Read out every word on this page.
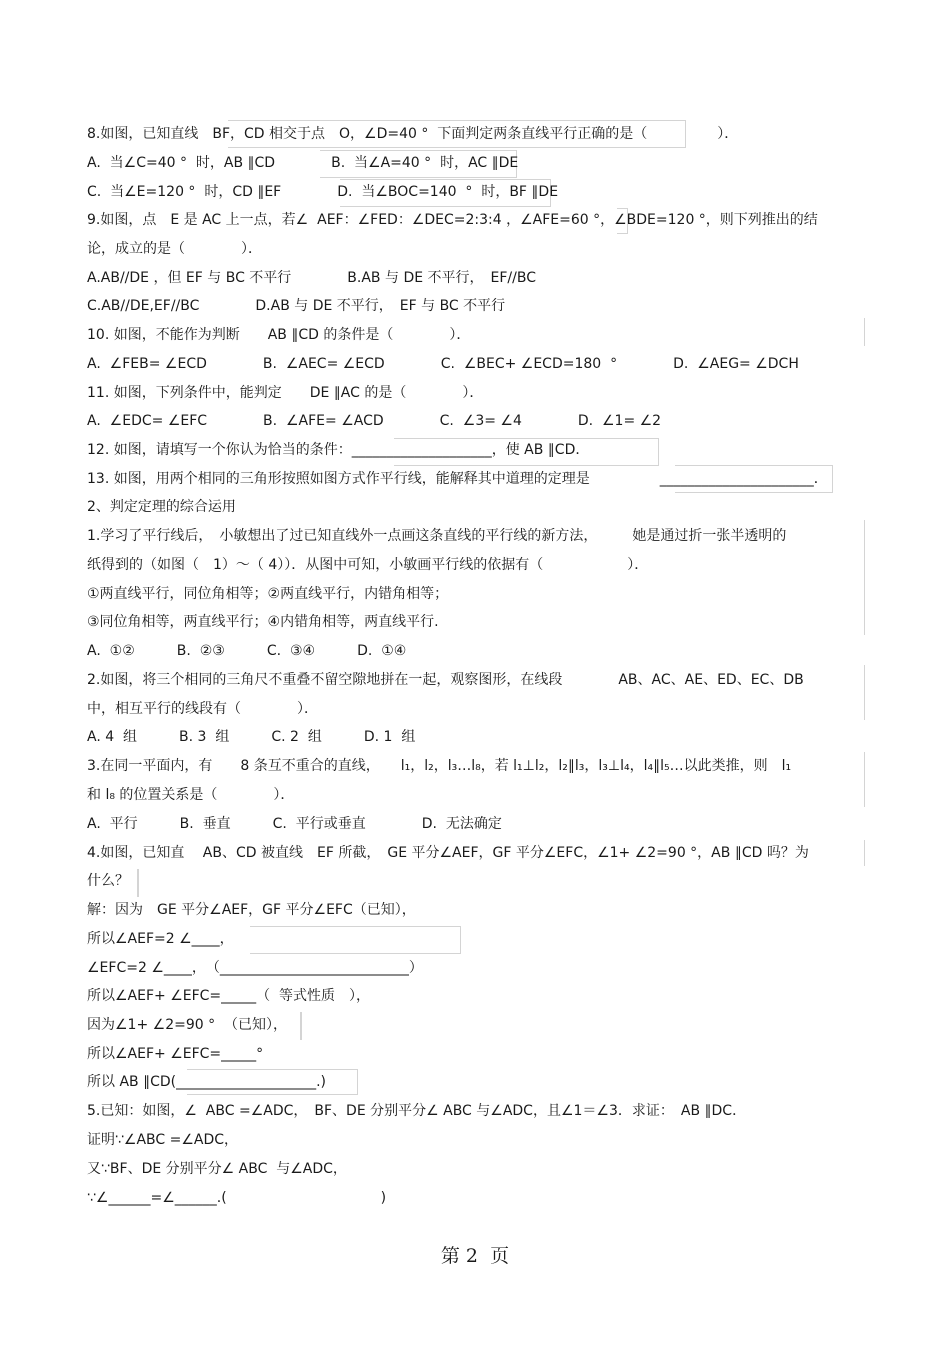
8.如图，已知直线　BF，CD 相交于点　O，∠D=40 °  下面判定两条直线平行正确的是（　　　　　）．
A.  当∠C=40 °  时，AB ∥CD　　　　B.  当∠A=40 °  时，AC ∥DE
C.  当∠E=120 °  时，CD ∥EF　　　　D.  当∠BOC=140  °  时，BF ∥DE
9.如图，点　E 是 AC 上一点，若∠  AEF：∠FED：∠DEC=2:3:4 ，∠AFE=60 °，∠BDE=120 °，则下列推出的结
论，成立的是（　　　　）．
A.AB//DE ，但 EF 与 BC 不平行　　　　B.AB 与 DE 不平行，　EF//BC
C.AB//DE,EF//BC　　　　D.AB 与 DE 不平行，　EF 与 BC 不平行
10. 如图，不能作为判断　　AB ∥CD 的条件是（　　　　）．
A.  ∠FEB= ∠ECD　　　　B.  ∠AEC= ∠ECD　　　　C.  ∠BEC+ ∠ECD=180  °　　　　D.  ∠AEG= ∠DCH
11. 如图，下列条件中，能判定　　DE ∥AC 的是（　　　　）．
A.  ∠EDC= ∠EFC　　　　B.  ∠AFE= ∠ACD　　　　C.  ∠3= ∠4　　　　D.  ∠1= ∠2
12. 如图，请填写一个你认为恰当的条件：____________________，使 AB ∥CD．
13. 如图，用两个相同的三角形按照如图方式作平行线，能解释其中道理的定理是　　　　　______________________．
2、判定定理的综合运用
1.学习了平行线后，　小敏想出了过已知直线外一点画这条直线的平行线的新方法，　　　她是通过折一张半透明的
纸得到的（如图（　1）～（ 4））．从图中可知，小敏画平行线的依据有（　　　　　　）．
①两直线平行，同位角相等；②两直线平行，内错角相等；
③同位角相等，两直线平行；④内错角相等，两直线平行.
A.  ①②　　　B.  ②③　　　C.  ③④　　　D.  ①④
2.如图，将三个相同的三角尺不重叠不留空隙地拼在一起，观察图形，在线段　　　　AB、AC、AE、ED、EC、DB
中，相互平行的线段有（　　　　）．
A. 4  组　　　B. 3  组　　　C. 2  组　　　D. 1  组
3.在同一平面内，有　　8 条互不重合的直线，　　l₁，l₂，l₃…l₈，若 l₁⊥l₂，l₂∥l₃，l₃⊥l₄，l₄∥l₅…以此类推，则　l₁
和 l₈ 的位置关系是（　　　　）．
A.  平行　　　B.  垂直　　　C.  平行或垂直　　　　D.  无法确定
4.如图，已知直　 AB、CD 被直线　EF 所截，　GE 平分∠AEF，GF 平分∠EFC，∠1+ ∠2=90 °，AB ∥CD 吗？为
什么？
解：因为　GE 平分∠AEF，GF 平分∠EFC（已知），
所以∠AEF=2 ∠____，
∠EFC=2 ∠____，　（___________________________）
所以∠AEF+ ∠EFC=_____（  等式性质　），
因为∠1+ ∠2=90 °  （已知），
所以∠AEF+ ∠EFC=_____°
所以 AB ∥CD(____________________.)
5.已知：如图，∠  ABC =∠ADC，　BF、DE 分别平分∠ ABC 与∠ADC，且∠1＝∠3．求证：　AB ∥DC．
证明∵∠ABC =∠ADC，
又∵BF、DE 分别平分∠ ABC  与∠ADC，
∵∠______=∠______.(　　　　　　　　　　　)
第 2  页
